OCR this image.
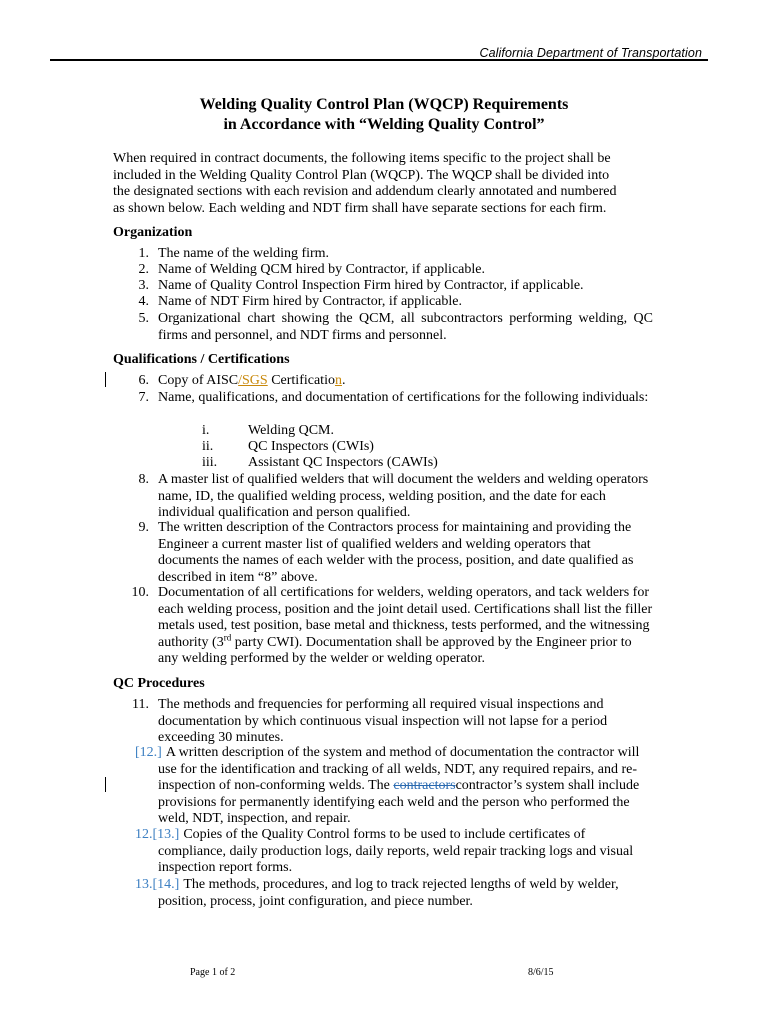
California Department of Transportation
Welding Quality Control Plan (WQCP) Requirements
in Accordance with “Welding Quality Control”
When required in contract documents, the following items specific to the project shall be included in the Welding Quality Control Plan (WQCP). The WQCP shall be divided into the designated sections with each revision and addendum clearly annotated and numbered as shown below. Each welding and NDT firm shall have separate sections for each firm.
Organization
1. The name of the welding firm.
2. Name of Welding QCM hired by Contractor, if applicable.
3. Name of Quality Control Inspection Firm hired by Contractor, if applicable.
4. Name of NDT Firm hired by Contractor, if applicable.
5. Organizational chart showing the QCM, all subcontractors performing welding, QC firms and personnel, and NDT firms and personnel.
Qualifications / Certifications
6. Copy of AISC/SGS Certification.
7. Name, qualifications, and documentation of certifications for the following individuals:
i.	Welding QCM.
ii. QC Inspectors (CWIs)
iii. Assistant QC Inspectors (CAWIs)
8. A master list of qualified welders that will document the welders and welding operators name, ID, the qualified welding process, welding position, and the date for each individual qualification and person qualified.
9. The written description of the Contractors process for maintaining and providing the Engineer a current master list of qualified welders and welding operators that documents the names of each welder with the process, position, and date qualified as described in item “8” above.
10. Documentation of all certifications for welders, welding operators, and tack welders for each welding process, position and the joint detail used. Certifications shall list the filler metals used, test position, base metal and thickness, tests performed, and the witnessing authority (3rd party CWI). Documentation shall be approved by the Engineer prior to any welding performed by the welder or welding operator.
QC Procedures
11. The methods and frequencies for performing all required visual inspections and documentation by which continuous visual inspection will not lapse for a period exceeding 30 minutes.
[12.] A written description of the system and method of documentation the contractor will use for the identification and tracking of all welds, NDT, any required repairs, and re-inspection of non-conforming welds. The contractorscontractor’s system shall include provisions for permanently identifying each weld and the person who performed the weld, NDT, inspection, and repair.
12.[13.] Copies of the Quality Control forms to be used to include certificates of compliance, daily production logs, daily reports, weld repair tracking logs and visual inspection report forms.
13.[14.] The methods, procedures, and log to track rejected lengths of weld by welder, position, process, joint configuration, and piece number.
Page 1 of 2	8/6/15
